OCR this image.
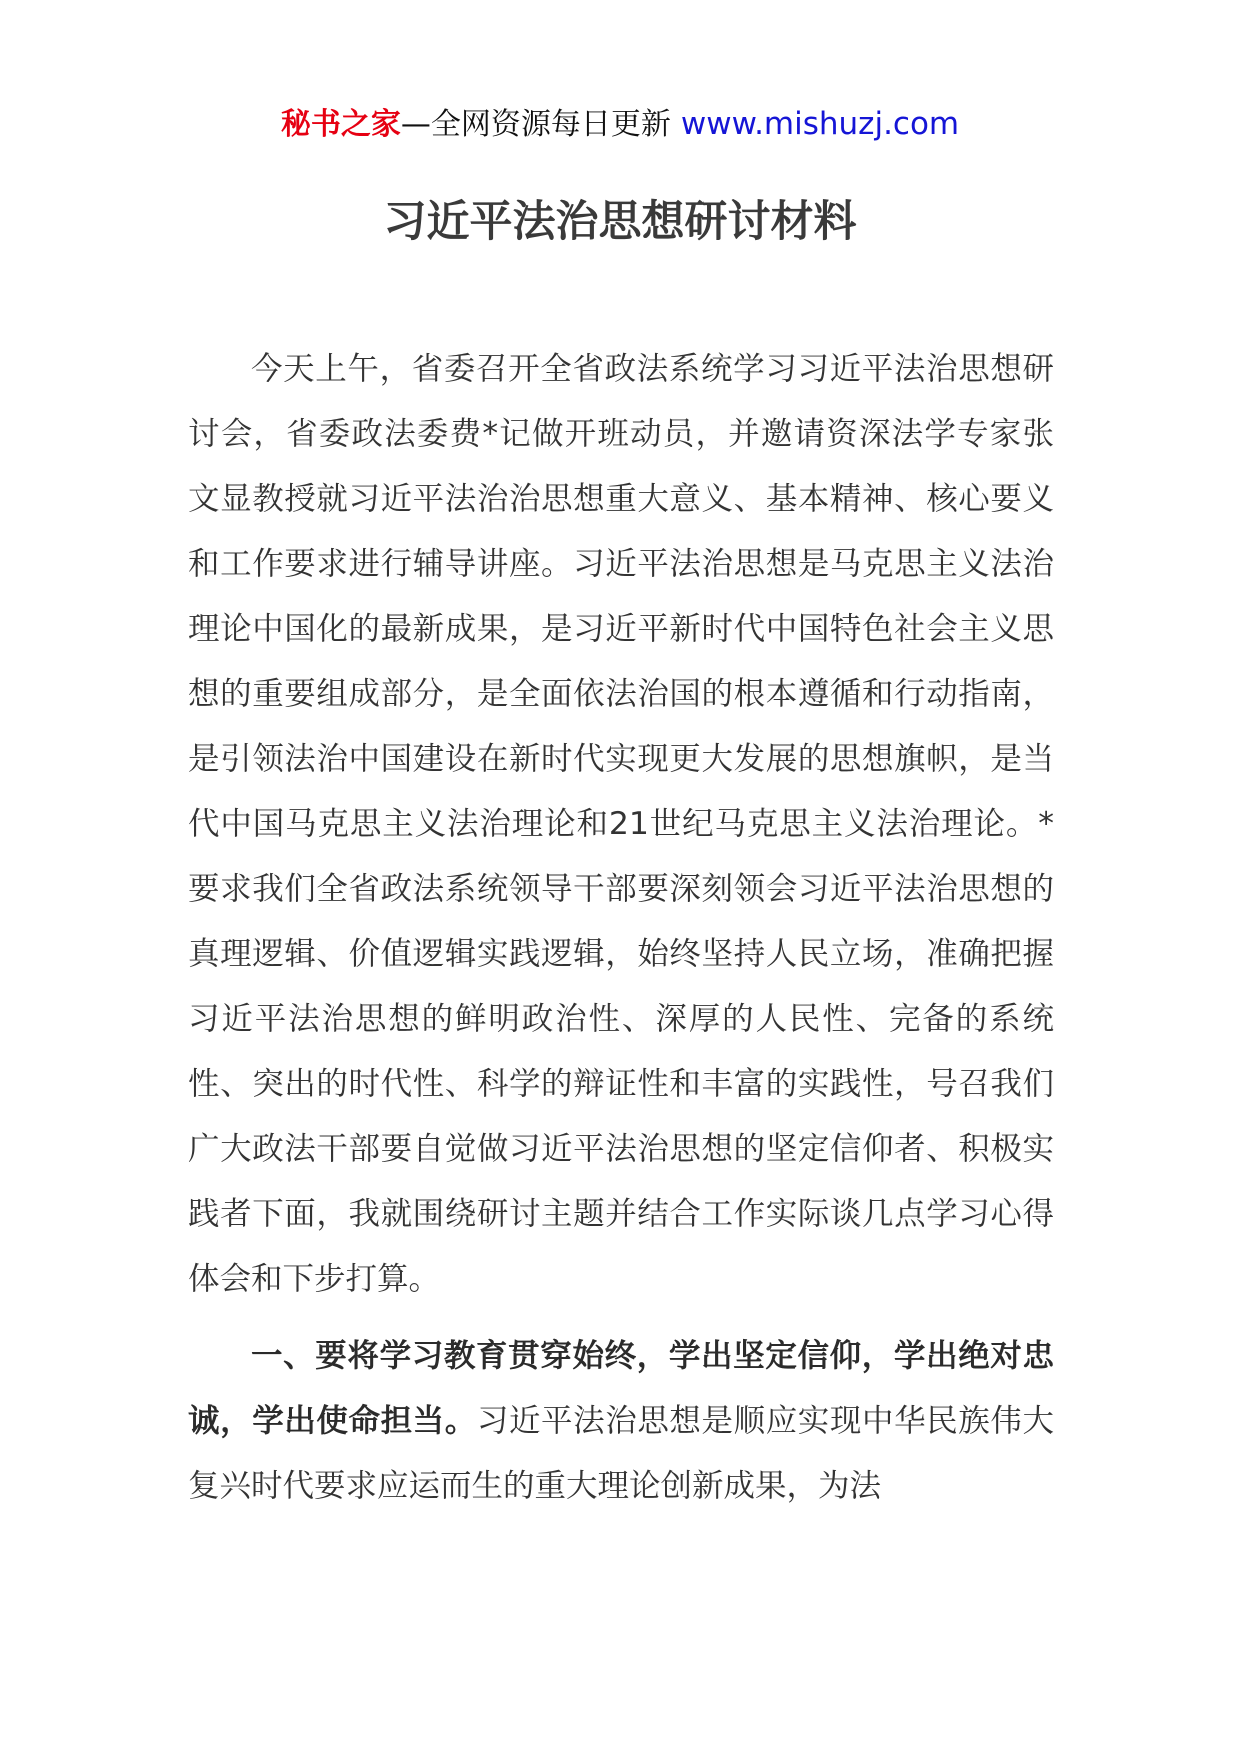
秘书之家—全网资源每日更新 www.mishuzj.com
习近平法治思想研讨材料

今天上午，省委召开全省政法系统学习习近平法治思想研讨会，省委政法委费*记做开班动员，并邀请资深法学专家张文显教授就习近平法治治思想重大意义、基本精神、核心要义和工作要求进行辅导讲座。习近平法治思想是马克思主义法治理论中国化的最新成果，是习近平新时代中国特色社会主义思想的重要组成部分，是全面依法治国的根本遵循和行动指南，是引领法治中国建设在新时代实现更大发展的思想旗帜，是当代中国马克思主义法治理论和21世纪马克思主义法治理论。*要求我们全省政法系统领导干部要深刻领会习近平法治思想的真理逻辑、价值逻辑实践逻辑，始终坚持人民立场，准确把握习近平法治思想的鲜明政治性、深厚的人民性、完备的系统性、突出的时代性、科学的辩证性和丰富的实践性，号召我们广大政法干部要自觉做习近平法治思想的坚定信仰者、积极实践者下面，我就围绕研讨主题并结合工作实际谈几点学习心得体会和下步打算。

一、要将学习教育贯穿始终，学出坚定信仰，学出绝对忠诚，学出使命担当。习近平法治思想是顺应实现中华民族伟大复兴时代要求应运而生的重大理论创新成果，为法
